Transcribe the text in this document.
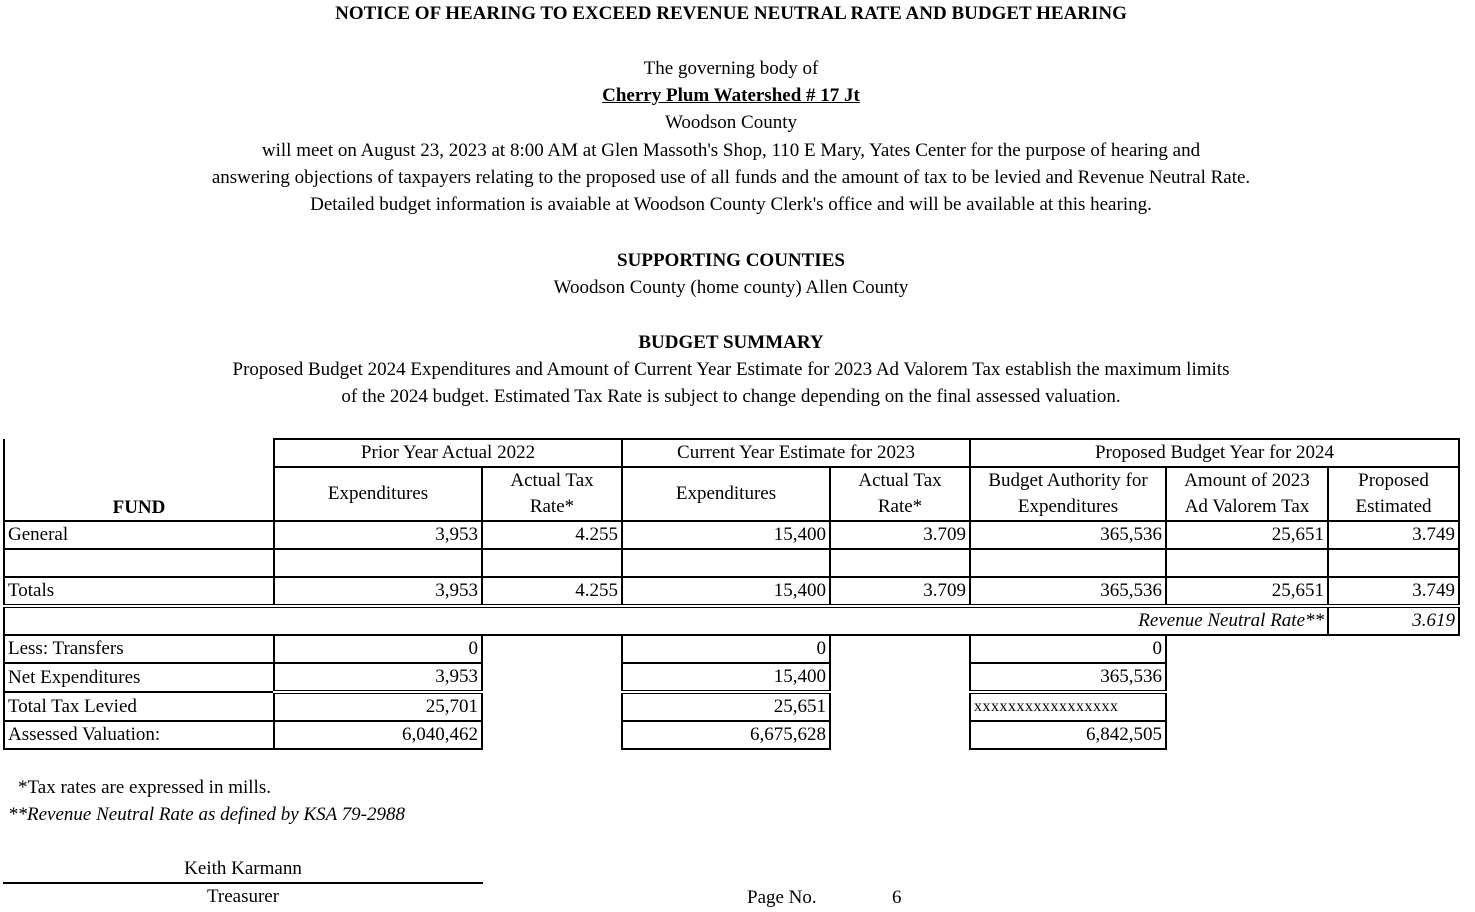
NOTICE OF HEARING TO EXCEED REVENUE NEUTRAL RATE AND BUDGET HEARING
The governing body of
Cherry Plum Watershed # 17 Jt
Woodson County
will meet on August 23, 2023 at 8:00 AM at Glen Massoth's Shop, 110 E Mary, Yates Center for the purpose of hearing and
answering objections of taxpayers relating to the proposed use of all funds and the amount of tax to be levied and Revenue Neutral Rate.
Detailed budget information is avaiable at Woodson County Clerk's office and will be available at this hearing.
SUPPORTING COUNTIES
Woodson County (home county) Allen County
BUDGET SUMMARY
Proposed Budget 2024 Expenditures and Amount of Current Year Estimate for 2023 Ad Valorem Tax establish the maximum limits
of the 2024 budget. Estimated Tax Rate is subject to change depending on the final assessed valuation.
	Prior Year Actual 2022		Current Year Estimate for 2023		Proposed Budget Year for 2024		
FUND	Expenditures	Actual Tax	Expenditures	Actual Tax	Budget Authority for	Amount of 2023	Proposed
		Rate*		Rate*	Expenditures	Ad Valorem Tax	Estimated
General	3,953	4.255	15,400	3.709	365,536	25,651	3.749

Totals	3,953	4.255	15,400	3.709	365,536	25,651	3.749
Revenue Neutral Rate**							3.619
Less: Transfers	0		0		0		
Net Expenditures	3,953		15,400		365,536		
Total Tax Levied	25,701		25,651		xxxxxxxxxxxxxxxxx		
Assessed Valuation:	6,040,462		6,675,628		6,842,505		
*Tax rates are expressed in mills.
**Revenue Neutral Rate as defined by KSA 79-2988
Keith Karmann
Treasurer	Page No.	6
